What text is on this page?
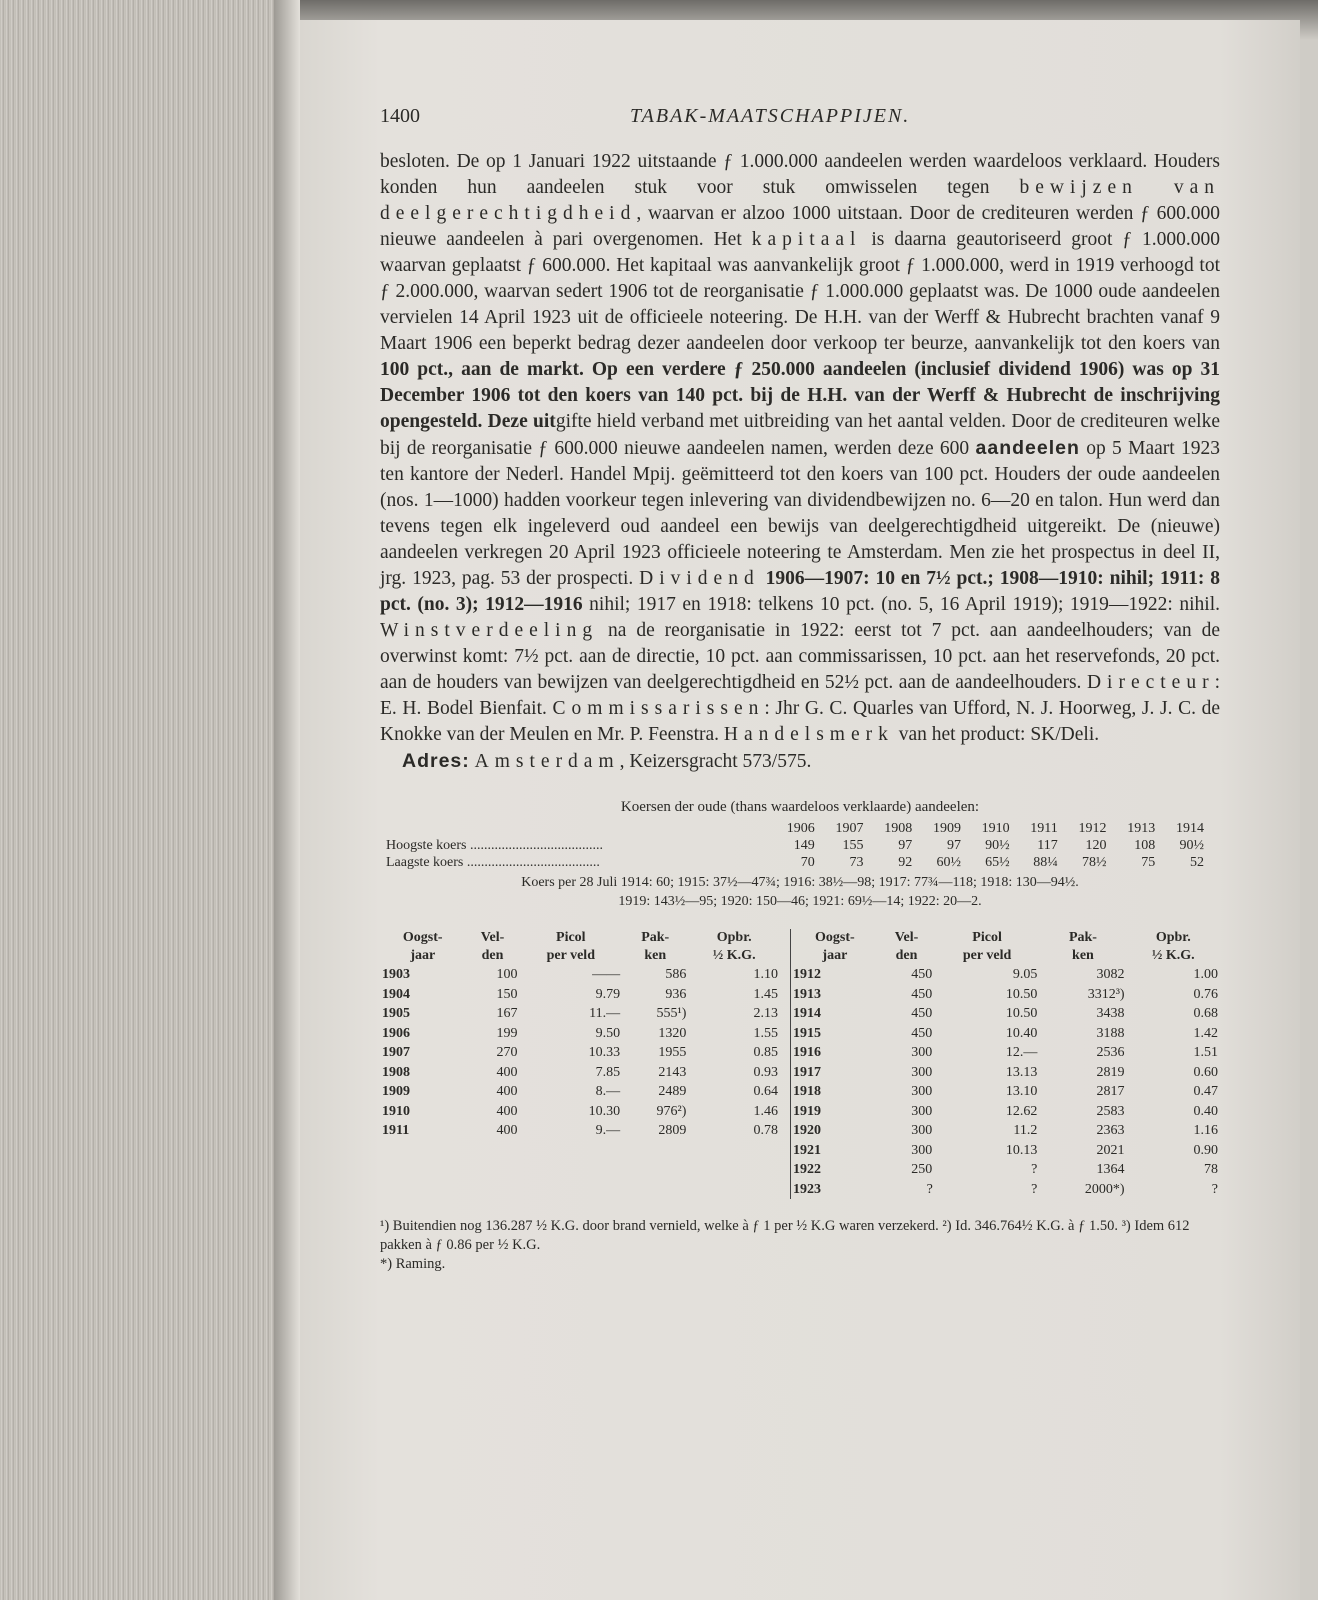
1400	TABAK-MAATSCHAPPIJEN.

besloten. De op 1 Januari 1922 uitstaande ƒ 1.000.000 aandeelen werden waardeloos verklaard. Houders konden hun aandeelen stuk voor stuk omwisselen tegen bewijzen van deelgerechtigdheid, waarvan er alzoo 1000 uitstaan. Door de crediteuren werden ƒ 600.000 nieuwe aandeelen à pari overgenomen. Het kapitaal is daarna geautoriseerd groot ƒ 1.000.000 waarvan geplaatst ƒ 600.000. Het kapitaal was aanvankelijk groot ƒ 1.000.000, werd in 1919 verhoogd tot ƒ 2.000.000, waarvan sedert 1906 tot de reorganisatie ƒ 1.000.000 geplaatst was. De 1000 oude aandeelen vervielen 14 April 1923 uit de officieele noteering. De H.H. van der Werff & Hubrecht brachten vanaf 9 Maart 1906 een beperkt bedrag dezer aandeelen door verkoop ter beurze, aanvankelijk tot den koers van 100 pct., aan de markt. Op een verdere ƒ 250.000 aandeelen (inclusief dividend 1906) was op 31 December 1906 tot den koers van 140 pct. bij de H.H. van der Werff & Hubrecht de inschrijving opengesteld. Deze uitgifte hield verband met uitbreiding van het aantal velden. Door de crediteuren welke bij de reorganisatie ƒ 600.000 nieuwe aandeelen namen, werden deze 600 aandeelen op 5 Maart 1923 ten kantore der Nederl. Handel Mpij. geëmitteerd tot den koers van 100 pct. Houders der oude aandeelen (nos. 1—1000) hadden voorkeur tegen inlevering van dividendbewijzen no. 6—20 en talon. Hun werd dan tevens tegen elk ingeleverd oud aandeel een bewijs van deelgerechtigdheid uitgereikt. De (nieuwe) aandeelen verkregen 20 April 1923 officieele noteering te Amsterdam. Men zie het prospectus in deel II, jrg. 1923, pag. 53 der prospecti. Dividend 1906—1907: 10 en 7½ pct.; 1908—1910: nihil; 1911: 8 pct. (no. 3); 1912—1916 nihil; 1917 en 1918: telkens 10 pct. (no. 5, 16 April 1919); 1919—1922: nihil. Winstverdeeling na de reorganisatie in 1922: eerst tot 7 pct. aan aandeelhouders; van de overwinst komt: 7½ pct. aan de directie, 10 pct. aan commissarissen, 10 pct. aan het reservefonds, 20 pct. aan de houders van bewijzen van deelgerechtigdheid en 52½ pct. aan de aandeelhouders. Directeur: E. H. Bodel Bienfait. Commissarissen: Jhr G. C. Quarles van Ufford, N. J. Hoorweg, J. J. C. de Knokke van der Meulen en Mr. P. Feenstra. Handelsmerk van het product: SK/Deli.

Adres: Amsterdam, Keizersgracht 573/575.
Koersen der oude (thans waardeloos verklaarde) aandeelen:
	1906	1907	1908	1909	1910	1911	1912	1913	1914
Hoogste koers ......................................	149	155	97	97	90½	117	120	108	90½
Laagste koers ......................................	70	73	92	60½	65½	88¼	78½	75	52
Koers per 28 Juli 1914: 60; 1915: 37½—47¾; 1916: 38½—98; 1917: 77¾—118; 1918: 130—94½.
1919: 143½—95; 1920: 150—46; 1921: 69½—14; 1922: 20—2.
Oogst-	Vel-	Picol	Pak-	Opbr.
jaar	den	per veld	ken	½ K.G.
1903	100	——	586	1.10
1904	150	9.79	936	1.45
1905	167	11.—	555¹)	2.13
1906	199	9.50	1320	1.55
1907	270	10.33	1955	0.85
1908	400	7.85	2143	0.93
1909	400	8.—	2489	0.64
1910	400	10.30	976²)	1.46
1911	400	9.—	2809	0.78
Oogst-	Vel-	Picol	Pak-	Opbr.
jaar	den	per veld	ken	½ K.G.
1912	450	9.05	3082	1.00
1913	450	10.50	3312³)	0.76
1914	450	10.50	3438	0.68
1915	450	10.40	3188	1.42
1916	300	12.—	2536	1.51
1917	300	13.13	2819	0.60
1918	300	13.10	2817	0.47
1919	300	12.62	2583	0.40
1920	300	11.2	2363	1.16
1921	300	10.13	2021	0.90
1922	250	?	1364	78
1923	?	?	2000*)	?
¹) Buitendien nog 136.287 ½ K.G. door brand vernield, welke à ƒ 1 per ½ K.G waren verzekerd. ²) Id. 346.764½ K.G. à ƒ 1.50. ³) Idem 612 pakken à ƒ 0.86 per ½ K.G.
*) Raming.
